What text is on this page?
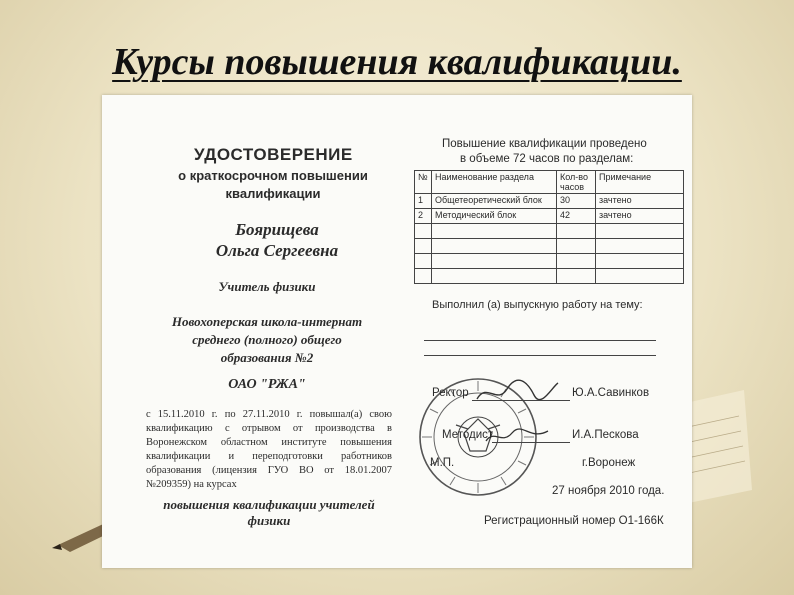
Курсы повышения квалификации.
УДОСТОВЕРЕНИЕ
о краткосрочном повышении
квалификации
Боярищева
Ольга Сергеевна
Учитель физики
Новохоперская школа-интернат
среднего (полного) общего
образования №2
ОАО "РЖА"
с 15.11.2010 г. по 27.11.2010 г. повышал(а) свою квалификацию с отрывом от производства в Воронежском областном институте повышения квалификации и переподготовки работников образования (лицензия ГУО ВО от 18.01.2007 №209359) на курсах
повышения квалификации учителей
физики
Повышение квалификации проведено
в объеме 72 часов по разделам:
№	Наименование раздела	Кол-во часов	Примечание
1	Общетеоретический блок	30	зачтено
2	Методический блок	42	зачтено

Выполнил (а) выпускную работу на тему:
Ректор	Ю.А.Савинков
Методист	И.А.Пескова
М.П.	г.Воронеж
27 ноября 2010 года.
Регистрационный номер О1-166К
